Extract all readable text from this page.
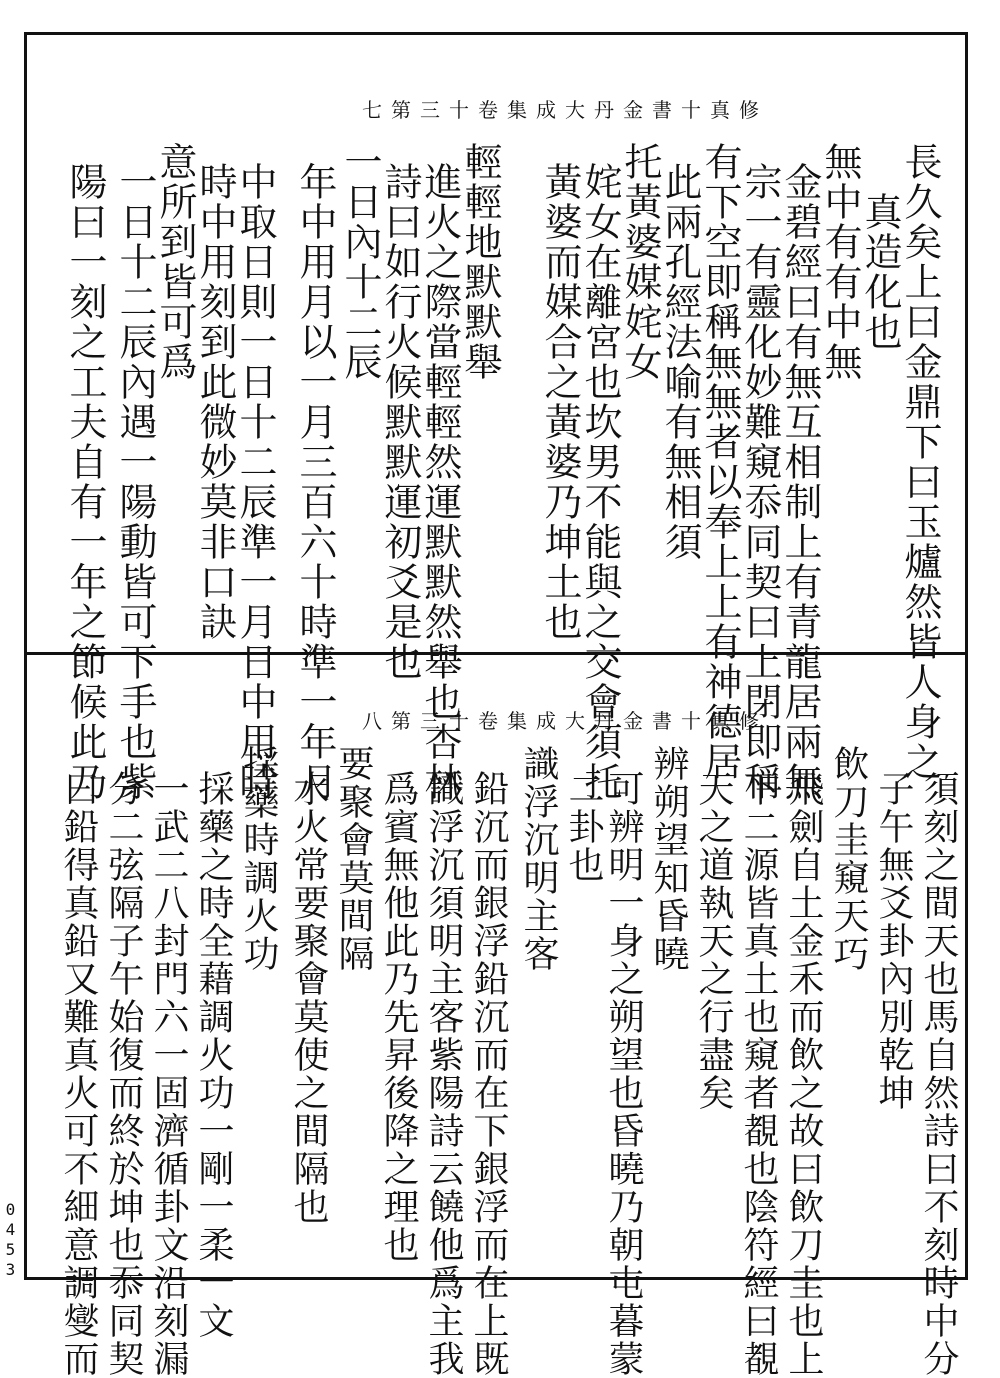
修真十書金丹大成集卷十三第七
長久矣上曰金鼎下曰玉爐然皆人身之
真造化也
無中有有中無
金碧經曰有無互相制上有青龍居兩無
宗一有靈化妙難窺忝同契曰上閉即稱
有下空即稱無無者以奉上上有神德居
此兩孔經法喻有無相須
托黃婆媒姹女
姹女在離宮也坎男不能與之交會須托
黃婆而媒合之黃婆乃坤土也
輕輕地默默舉
進火之際當輕輕然運默默然舉也杏林
詩曰如行火候默默運初爻是也
一日內十二辰
年中用月以一月三百六十時準一年月
中取日則一日十二辰準一月日中用時
時中用刻到此微妙莫非口訣
意所到皆可爲
一日十二辰內遇一陽動皆可下手也紫
陽曰一刻之工夫自有一年之節候此乃	修真十書金丹大成集卷十三第八
須刻之間天也馬自然詩曰不刻時中分
子午無爻卦內別乾坤
飲刀圭窺天巧
飛劍自土金禾而飲之故曰飲刀圭也上
下二源皆真土也窺者覩也陰符經曰覩
天之道執天之行盡矣
辨朔望知昏曉
可辨明一身之朔望也昏曉乃朝屯暮蒙
二卦也
識浮沉明主客
鉛沉而銀浮鉛沉而在下銀浮而在上既
識浮沉須明主客紫陽詩云饒他爲主我
爲賓無他此乃先昇後降之理也
要聚會莫間隔
水火常要聚會莫使之間隔也
採藥時調火功
採藥之時全藉調火功一剛一柔一文
一武二八封門六一固濟循卦文沿刻漏
分二弦隔子午始復而終於坤也忝同契
曰鉛得真鉛又難真火可不細意調燮而
0453
